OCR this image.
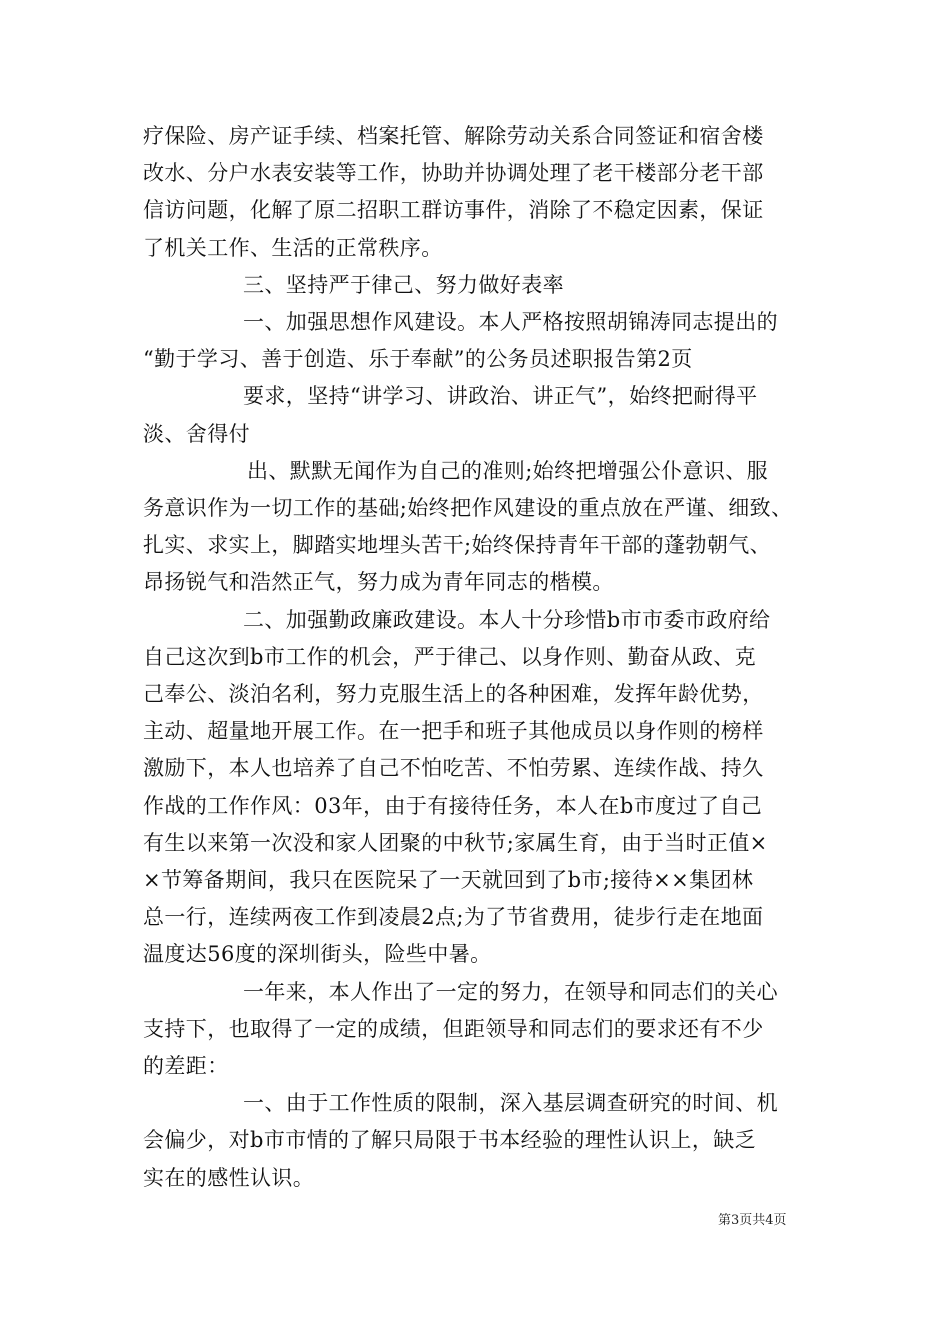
疗保险、房产证手续、档案托管、解除劳动关系合同签证和宿舍楼
改水、分户水表安装等工作，协助并协调处理了老干楼部分老干部
信访问题，化解了原二招职工群访事件，消除了不稳定因素，保证
了机关工作、生活的正常秩序。

三、坚持严于律己、努力做好表率

一、加强思想作风建设。本人严格按照胡锦涛同志提出的
“勤于学习、善于创造、乐于奉献”的公务员述职报告第2页
要求，坚持“讲学习、讲政治、讲正气”，始终把耐得平
淡、舍得付
出、默默无闻作为自己的准则;始终把增强公仆意识、服
务意识作为一切工作的基础;始终把作风建设的重点放在严谨、细致、
扎实、求实上，脚踏实地埋头苦干;始终保持青年干部的蓬勃朝气、
昂扬锐气和浩然正气，努力成为青年同志的楷模。

二、加强勤政廉政建设。本人十分珍惜b市市委市政府给
自己这次到b市工作的机会，严于律己、以身作则、勤奋从政、克
己奉公、淡泊名利，努力克服生活上的各种困难，发挥年龄优势，
主动、超量地开展工作。在一把手和班子其他成员以身作则的榜样
激励下，本人也培养了自己不怕吃苦、不怕劳累、连续作战、持久
作战的工作作风：03年，由于有接待任务，本人在b市度过了自己
有生以来第一次没和家人团聚的中秋节;家属生育，由于当时正值×
×节筹备期间，我只在医院呆了一天就回到了b市;接待××集团林
总一行，连续两夜工作到凌晨2点;为了节省费用，徒步行走在地面
温度达56度的深圳街头，险些中暑。

一年来，本人作出了一定的努力，在领导和同志们的关心
支持下，也取得了一定的成绩，但距领导和同志们的要求还有不少
的差距：

一、由于工作性质的限制，深入基层调查研究的时间、机
会偏少，对b市市情的了解只局限于书本经验的理性认识上，缺乏
实在的感性认识。

第3页共4页
